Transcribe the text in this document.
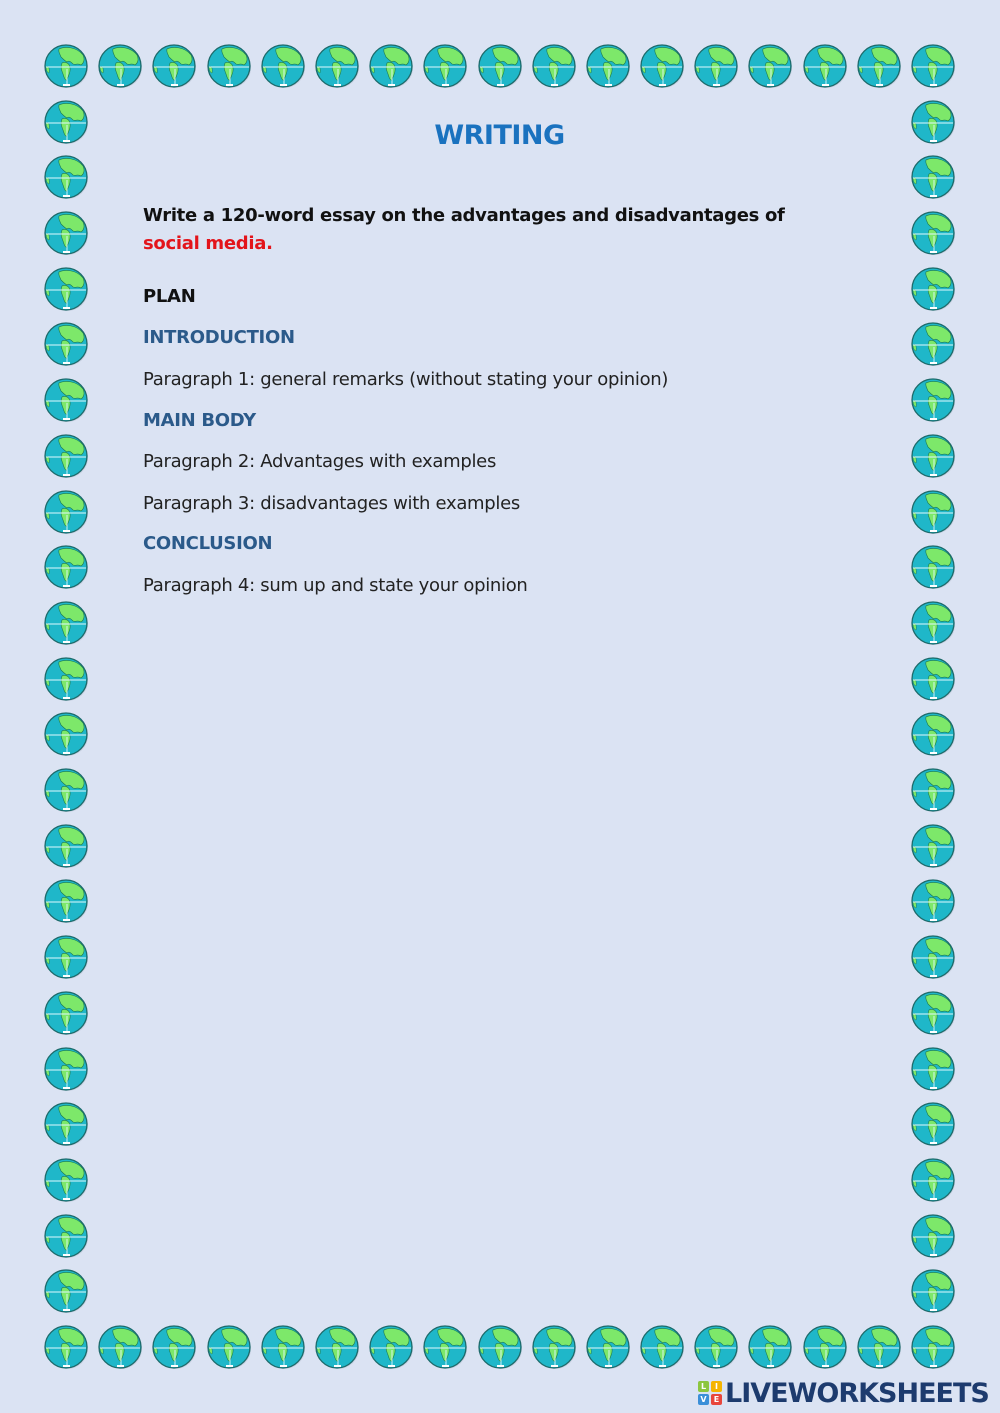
WRITING
Write a 120-word essay on the advantages and disadvantages of social media.
PLAN
INTRODUCTION
Paragraph 1: general remarks (without stating your opinion)
MAIN BODY
Paragraph 2: Advantages with examples
Paragraph 3: disadvantages with examples
CONCLUSION
Paragraph 4: sum up and state your opinion
L	I
V E LIVEWORKSHEETS
